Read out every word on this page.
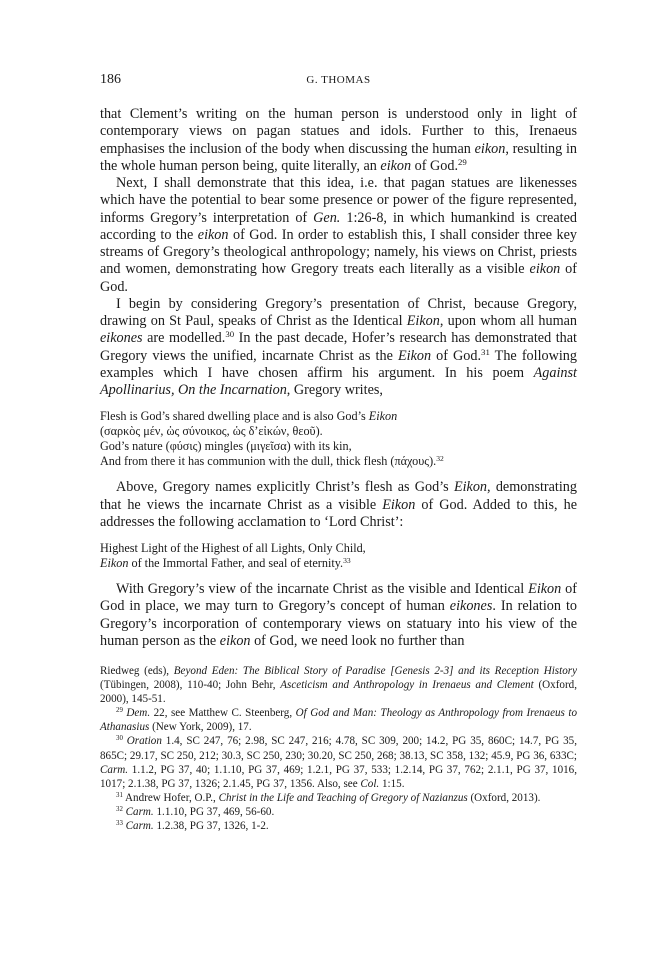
186	G. THOMAS

that Clement’s writing on the human person is understood only in light of contemporary views on pagan statues and idols. Further to this, Irenaeus emphasises the inclusion of the body when discussing the human eikon, resulting in the whole human person being, quite literally, an eikon of God.$^{29}$

Next, I shall demonstrate that this idea, i.e. that pagan statues are likenesses which have the potential to bear some presence or power of the figure represented, informs Gregory’s interpretation of Gen. 1:26-8, in which humankind is created according to the eikon of God. In order to establish this, I shall consider three key streams of Gregory’s theological anthropology; namely, his views on Christ, priests and women, demonstrating how Gregory treats each literally as a visible eikon of God.

I begin by considering Gregory’s presentation of Christ, because Gregory, drawing on St Paul, speaks of Christ as the Identical Eikon, upon whom all human eikones are modelled.$^{30}$ In the past decade, Hofer’s research has demonstrated that Gregory views the unified, incarnate Christ as the Eikon of God.$^{31}$ The following examples which I have chosen affirm his argument. In his poem Against Apollinarius, On the Incarnation, Gregory writes,

Flesh is God’s shared dwelling place and is also God’s Eikon
(σαρκὸς μέν, ὡς σύνοικος, ὡς δ’εἰκών, θεοῦ).
God’s nature (φύσις) mingles (μιγεῖσα) with its kin,
And from there it has communion with the dull, thick flesh (πάχους).$^{32}$

Above, Gregory names explicitly Christ’s flesh as God’s Eikon, demonstrating that he views the incarnate Christ as a visible Eikon of God. Added to this, he addresses the following acclamation to ‘Lord Christ’:

Highest Light of the Highest of all Lights, Only Child,
Eikon of the Immortal Father, and seal of eternity.$^{33}$

With Gregory’s view of the incarnate Christ as the visible and Identical Eikon of God in place, we may turn to Gregory’s concept of human eikones. In relation to Gregory’s incorporation of contemporary views on statuary into his view of the human person as the eikon of God, we need look no further than

Riedweg (eds), Beyond Eden: The Biblical Story of Paradise [Genesis 2-3] and its Reception History (Tübingen, 2008), 110-40; John Behr, Asceticism and Anthropology in Irenaeus and Clement (Oxford, 2000), 145-51.

$^{29}$ Dem. 22, see Matthew C. Steenberg, Of God and Man: Theology as Anthropology from Irenaeus to Athanasius (New York, 2009), 17.

$^{30}$ Oration 1.4, SC 247, 76; 2.98, SC 247, 216; 4.78, SC 309, 200; 14.2, PG 35, 860C; 14.7, PG 35, 865C; 29.17, SC 250, 212; 30.3, SC 250, 230; 30.20, SC 250, 268; 38.13, SC 358, 132; 45.9, PG 36, 633C; Carm. 1.1.2, PG 37, 40; 1.1.10, PG 37, 469; 1.2.1, PG 37, 533; 1.2.14, PG 37, 762; 2.1.1, PG 37, 1016, 1017; 2.1.38, PG 37, 1326; 2.1.45, PG 37, 1356. Also, see Col. 1:15.

$^{31}$ Andrew Hofer, O.P., Christ in the Life and Teaching of Gregory of Nazianzus (Oxford, 2013).

$^{32}$ Carm. 1.1.10, PG 37, 469, 56-60.

$^{33}$ Carm. 1.2.38, PG 37, 1326, 1-2.
